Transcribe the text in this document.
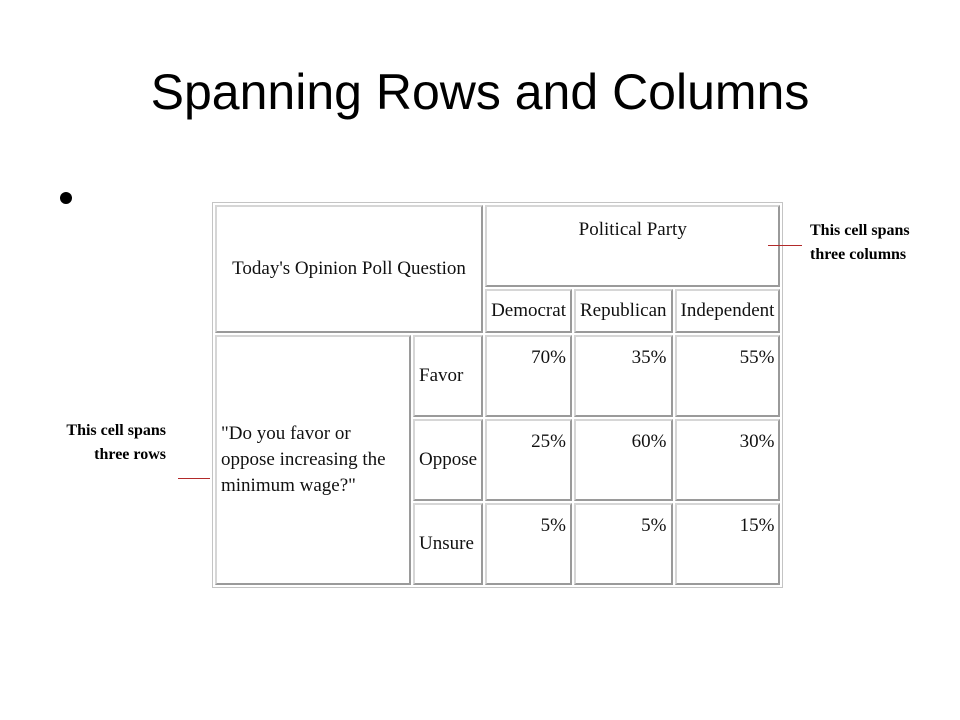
Spanning Rows and Columns
Today's Opinion Poll Question		Political Party		
		Democrat	Republican	Independent
"Do you favor or oppose increasing the minimum wage?"	Favor	70%	35%	55%
	Oppose	25%	60%	30%
	Unsure	5%	5%	15%
This cell spans three columns
This cell spans three rows
